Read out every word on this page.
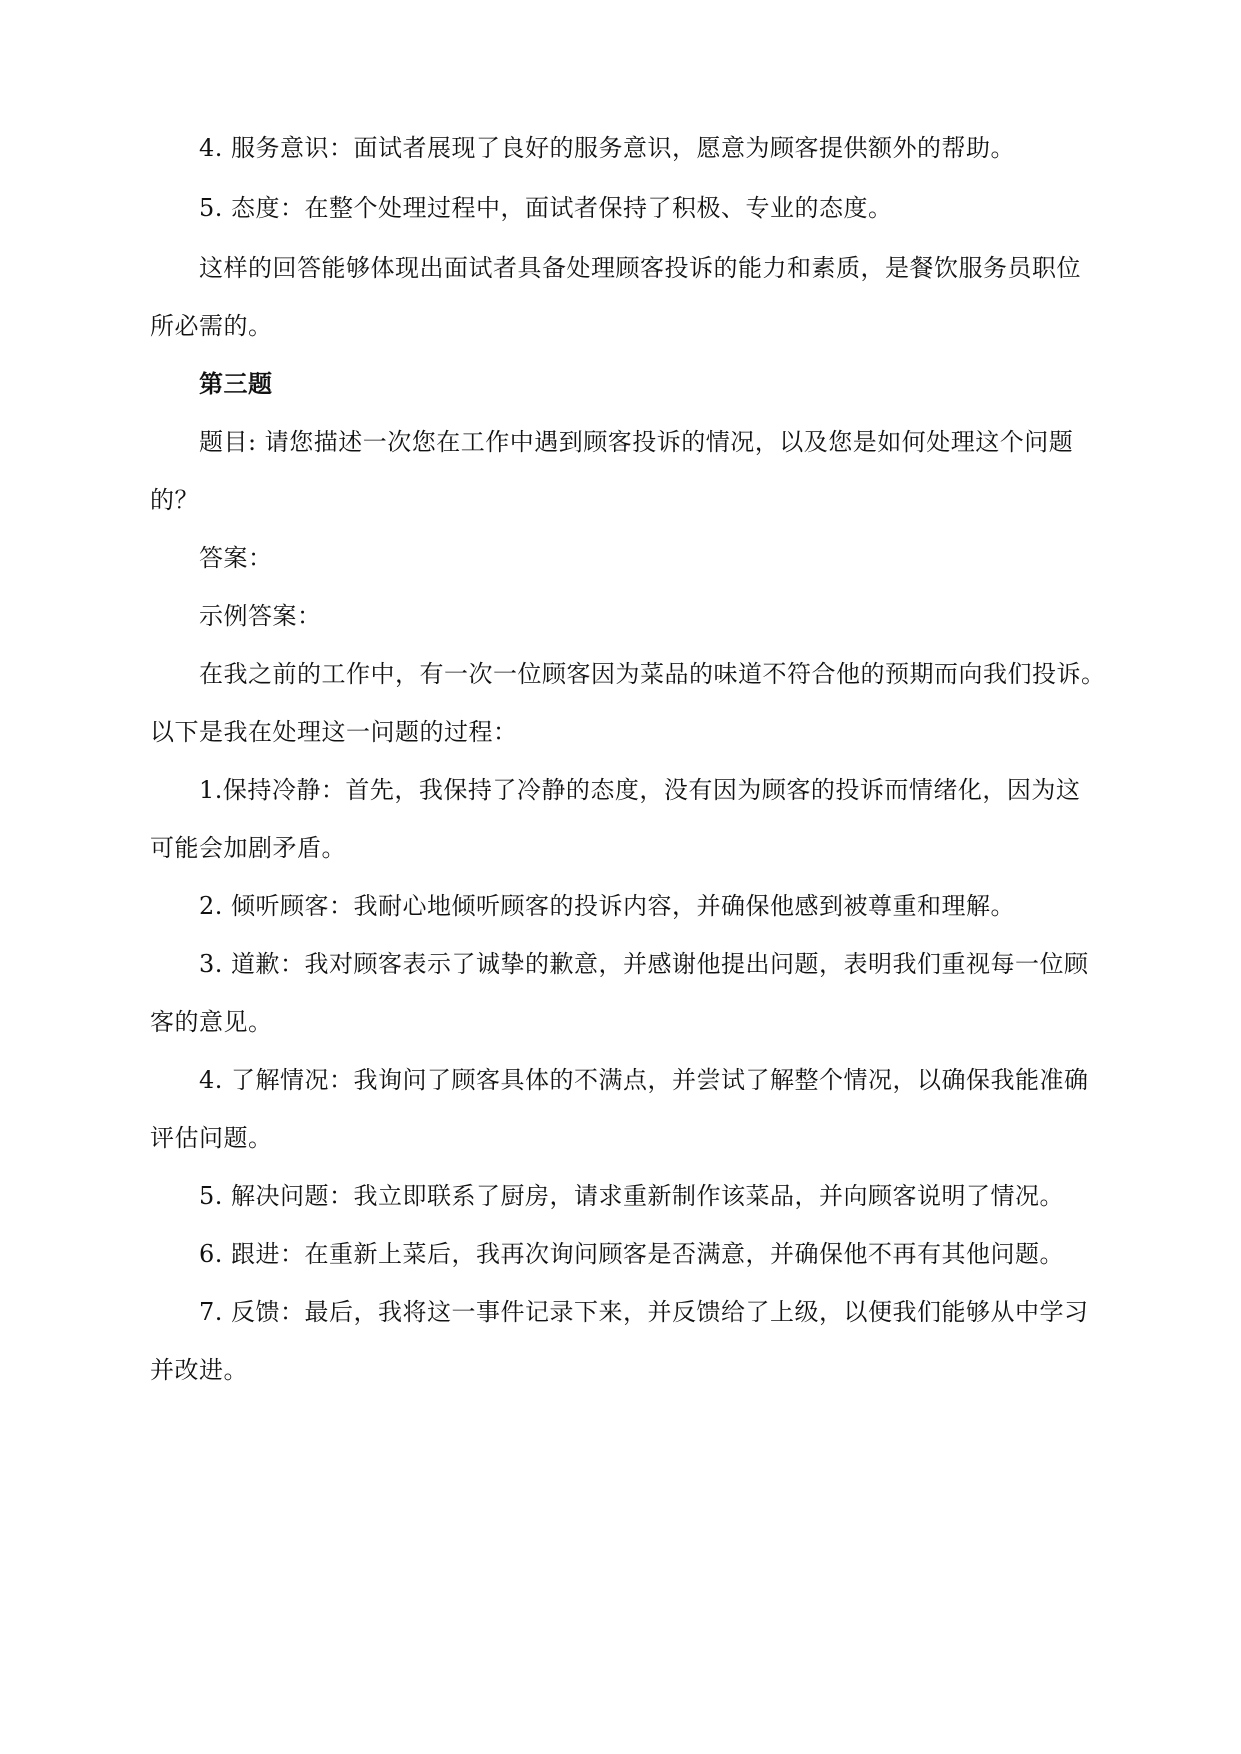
4. 服务意识：面试者展现了良好的服务意识，愿意为顾客提供额外的帮助。
5. 态度：在整个处理过程中，面试者保持了积极、专业的态度。
这样的回答能够体现出面试者具备处理顾客投诉的能力和素质，是餐饮服务员职位
所必需的。
第三题
题目: 请您描述一次您在工作中遇到顾客投诉的情况，以及您是如何处理这个问题
的？
答案：
示例答案：
在我之前的工作中，有一次一位顾客因为菜品的味道不符合他的预期而向我们投诉。
以下是我在处理这一问题的过程：
1.保持冷静：首先，我保持了冷静的态度，没有因为顾客的投诉而情绪化，因为这
可能会加剧矛盾。
2. 倾听顾客：我耐心地倾听顾客的投诉内容，并确保他感到被尊重和理解。
3. 道歉：我对顾客表示了诚挚的歉意，并感谢他提出问题，表明我们重视每一位顾
客的意见。
4. 了解情况：我询问了顾客具体的不满点，并尝试了解整个情况，以确保我能准确
评估问题。
5. 解决问题：我立即联系了厨房，请求重新制作该菜品，并向顾客说明了情况。
6. 跟进：在重新上菜后，我再次询问顾客是否满意，并确保他不再有其他问题。
7. 反馈：最后，我将这一事件记录下来，并反馈给了上级，以便我们能够从中学习
并改进。
